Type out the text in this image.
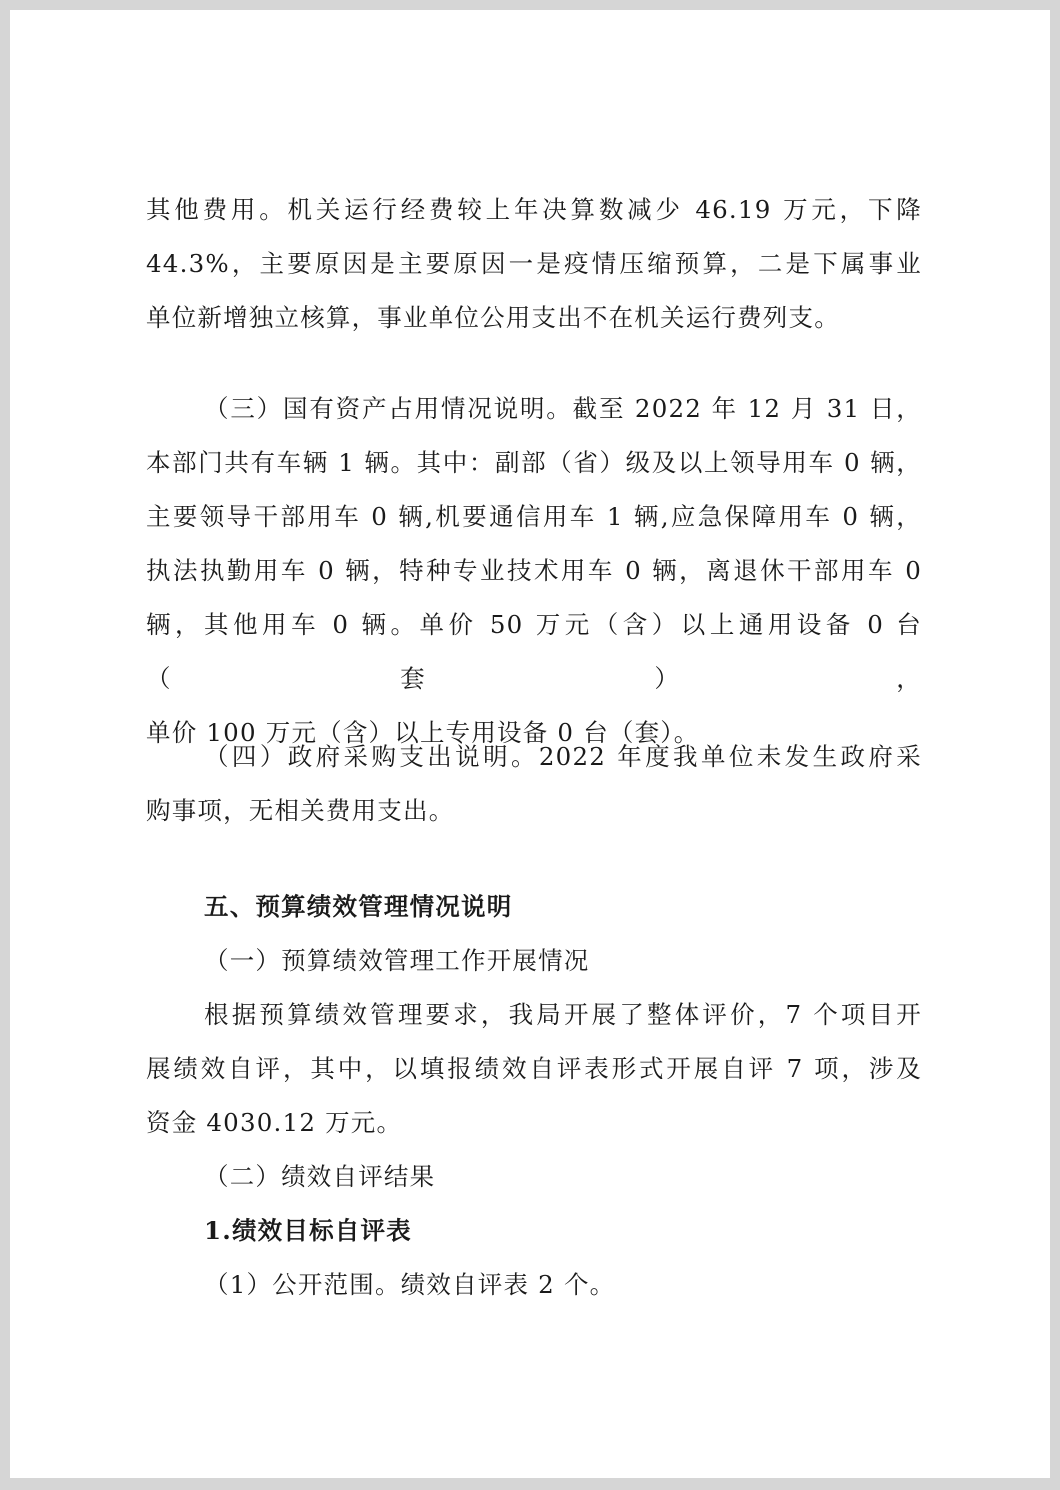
其他费用。机关运行经费较上年决算数减少 46.19 万元，下降
44.3%，主要原因是主要原因一是疫情压缩预算，二是下属事业
单位新增独立核算，事业单位公用支出不在机关运行费列支。
（三）国有资产占用情况说明。截至 2022 年 12 月 31 日，
本部门共有车辆 1 辆。其中：副部（省）级及以上领导用车 0 辆，
主要领导干部用车 0 辆,机要通信用车 1 辆,应急保障用车 0 辆，
执法执勤用车 0 辆，特种专业技术用车 0 辆，离退休干部用车 0
辆，其他用车 0 辆。单价 50 万元（含）以上通用设备 0 台（套），
单价 100 万元（含）以上专用设备 0 台（套）。
（四）政府采购支出说明。2022 年度我单位未发生政府采
购事项，无相关费用支出。
五、预算绩效管理情况说明
（一）预算绩效管理工作开展情况
根据预算绩效管理要求，我局开展了整体评价，7 个项目开
展绩效自评，其中，以填报绩效自评表形式开展自评 7 项，涉及
资金 4030.12 万元。
（二）绩效自评结果
1.绩效目标自评表
（1）公开范围。绩效自评表 2 个。
